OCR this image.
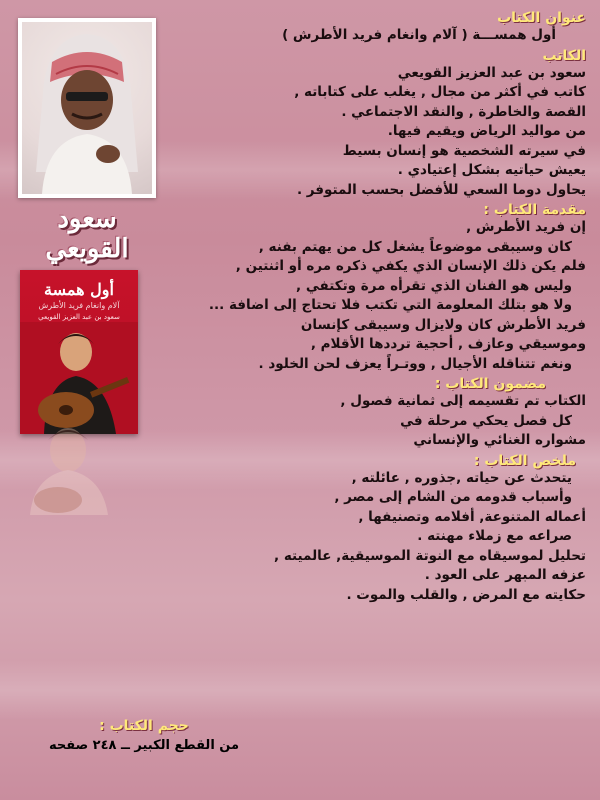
سعود القويعي
أول همسة
آلام وانغام فريد الأطرش
سعود بن عبد العزيز القويعي
عنوان الكتاب
أول همســـة ( آلام وانغام فريد الأطرش )
الكاتب
سعود بن عبد العزيز القويعي
كاتب في أكثر من مجال , يغلب على كتاباته ,
القصة والخاطرة , والنقد الاجتماعي .
من مواليد الرياض ويقيم فيها.
في سيرته الشخصية هو إنسان بسيط
يعيش حياتيه بشكل إعتيادي .
يحاول دوما السعي للأفضل بحسب المتوفر .
مقدمة الكتاب :
إن فريد الأطرش ,
كان وسيبقى موضوعاً يشغل كل من يهتم بفنه ,
فلم يكن ذلك الإنسان الذي يكفي ذكره مره أو اثنتين ,
وليس هو الفنان الذي تقرأه مرة وتكتفي ,
ولا هو بتلك المعلومة التي تكتب فلا تحتاج إلى اضافة ...
فريد الأطرش كان ولايزال وسيبقى كإنسان
وموسيقي وعازف , أحجية ترددها الأقلام ,
ونغم تتناقله الأجيال , ووتـراً يعزف لحن الخلود .
مضمون الكتاب :
الكتاب تم تقسيمه إلى ثمانية فصول ,
كل فصل يحكي مرحلة في
مشواره الغنائي والإنساني
ملخص الكتاب :
يتحدث عن حياته ,جذوره , عائلته ,
وأسباب قدومه من الشام إلى مصر ,
أعماله المتنوعة, أفلامه وتصنيفها ,
صراعه مع زملاء مهنته .
تحليل لموسيقاه مع النوتة الموسيقية, عالميته ,
عزفه المبهر على العود .
حكايته مع المرض , والقلب والموت .
حجم الكتاب :
من القطع الكبير ــ ٢٤٨ صفحه
